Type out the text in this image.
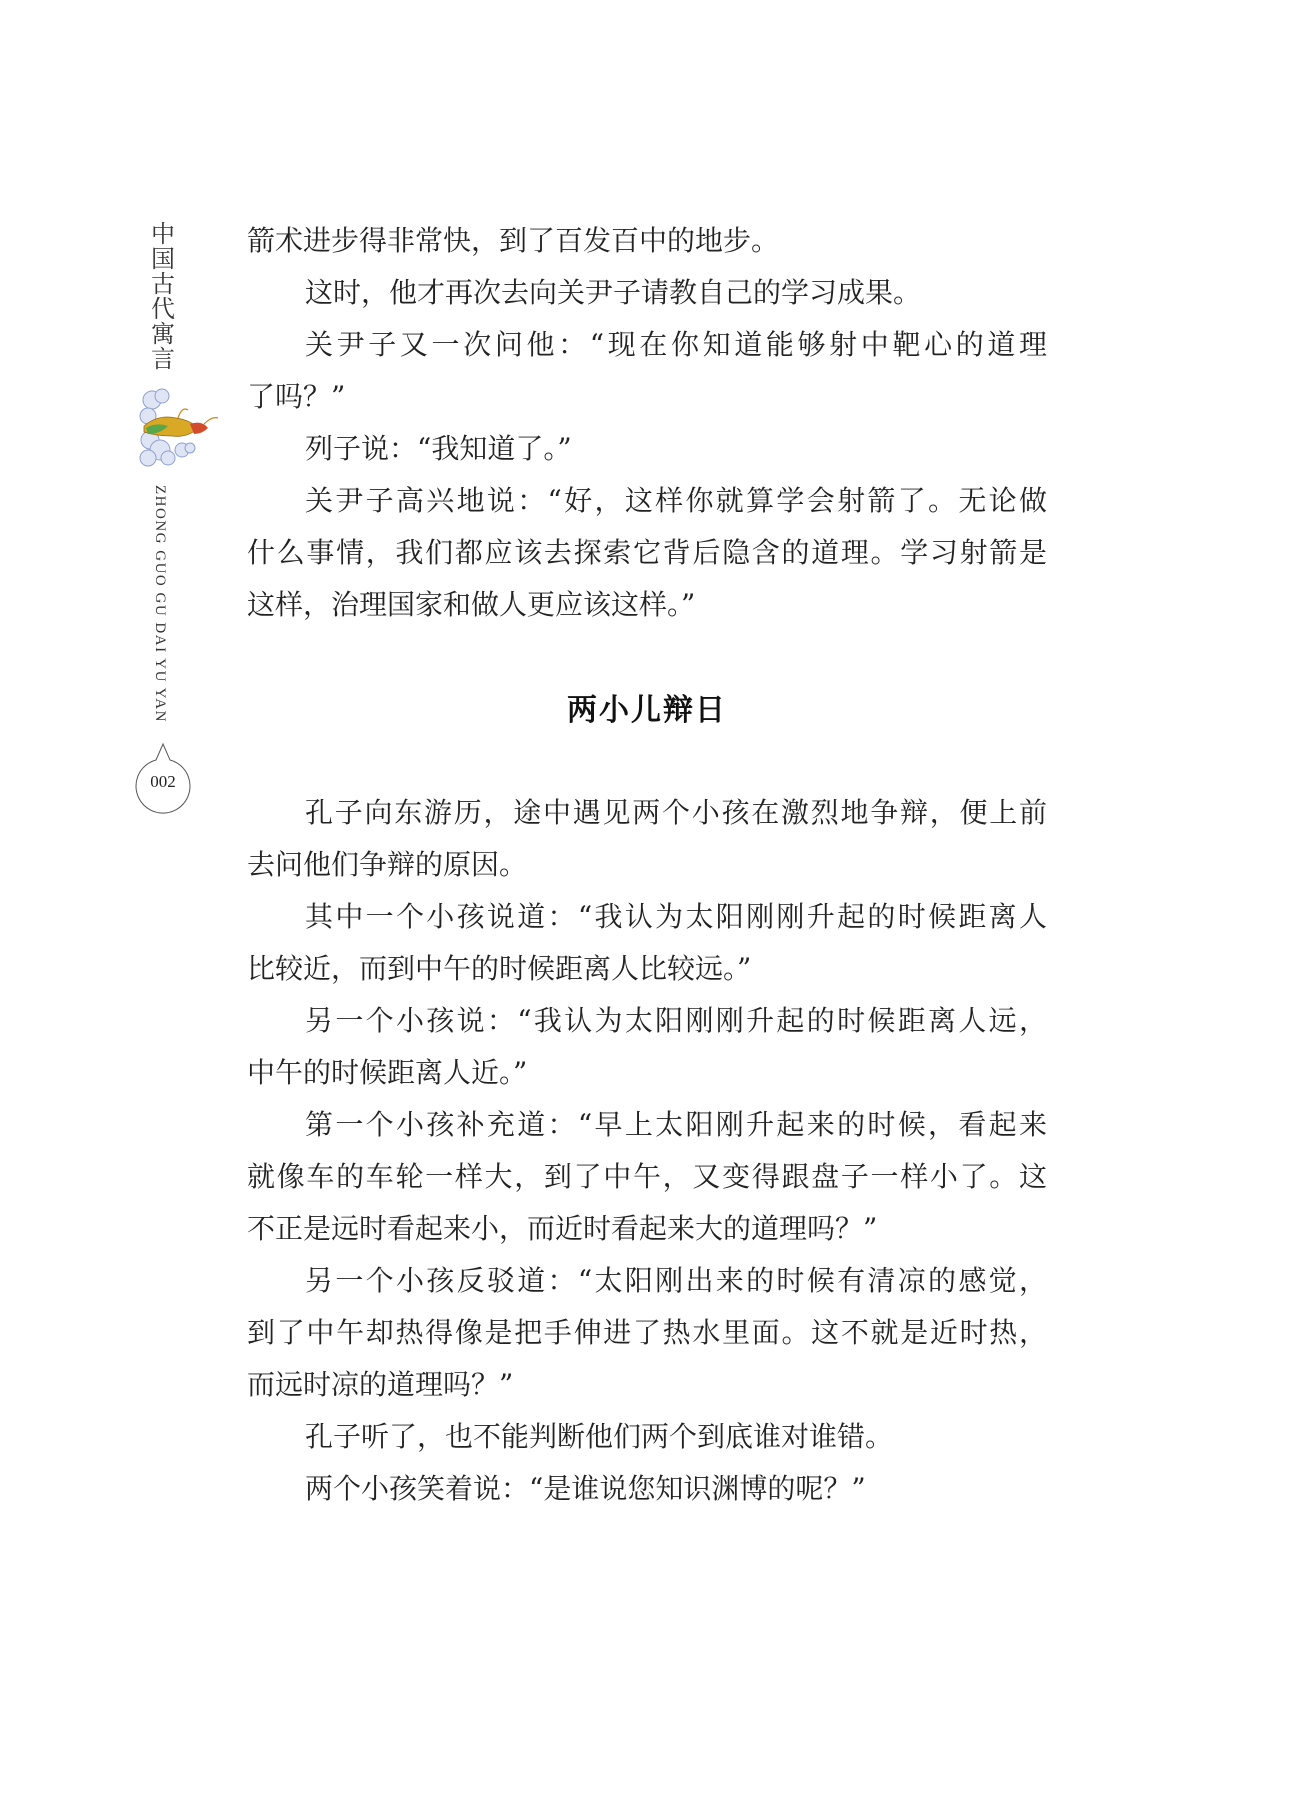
中
国
古
代
寓
言
ZHONG GUO GU DAI YU YAN
002
箭术进步得非常快，到了百发百中的地步。
这时，他才再次去向关尹子请教自己的学习成果。
关尹子又一次问他：“现在你知道能够射中靶心的道理
了吗？”
列子说：“我知道了。”
关尹子高兴地说：“好，这样你就算学会射箭了。无论做
什么事情，我们都应该去探索它背后隐含的道理。学习射箭是
这样，治理国家和做人更应该这样。”
两小儿辩日
孔子向东游历，途中遇见两个小孩在激烈地争辩，便上前
去问他们争辩的原因。
其中一个小孩说道：“我认为太阳刚刚升起的时候距离人
比较近，而到中午的时候距离人比较远。”
另一个小孩说：“我认为太阳刚刚升起的时候距离人远，
中午的时候距离人近。”
第一个小孩补充道：“早上太阳刚升起来的时候，看起来
就像车的车轮一样大，到了中午，又变得跟盘子一样小了。这
不正是远时看起来小，而近时看起来大的道理吗？”
另一个小孩反驳道：“太阳刚出来的时候有清凉的感觉，
到了中午却热得像是把手伸进了热水里面。这不就是近时热，
而远时凉的道理吗？”
孔子听了，也不能判断他们两个到底谁对谁错。
两个小孩笑着说：“是谁说您知识渊博的呢？”
